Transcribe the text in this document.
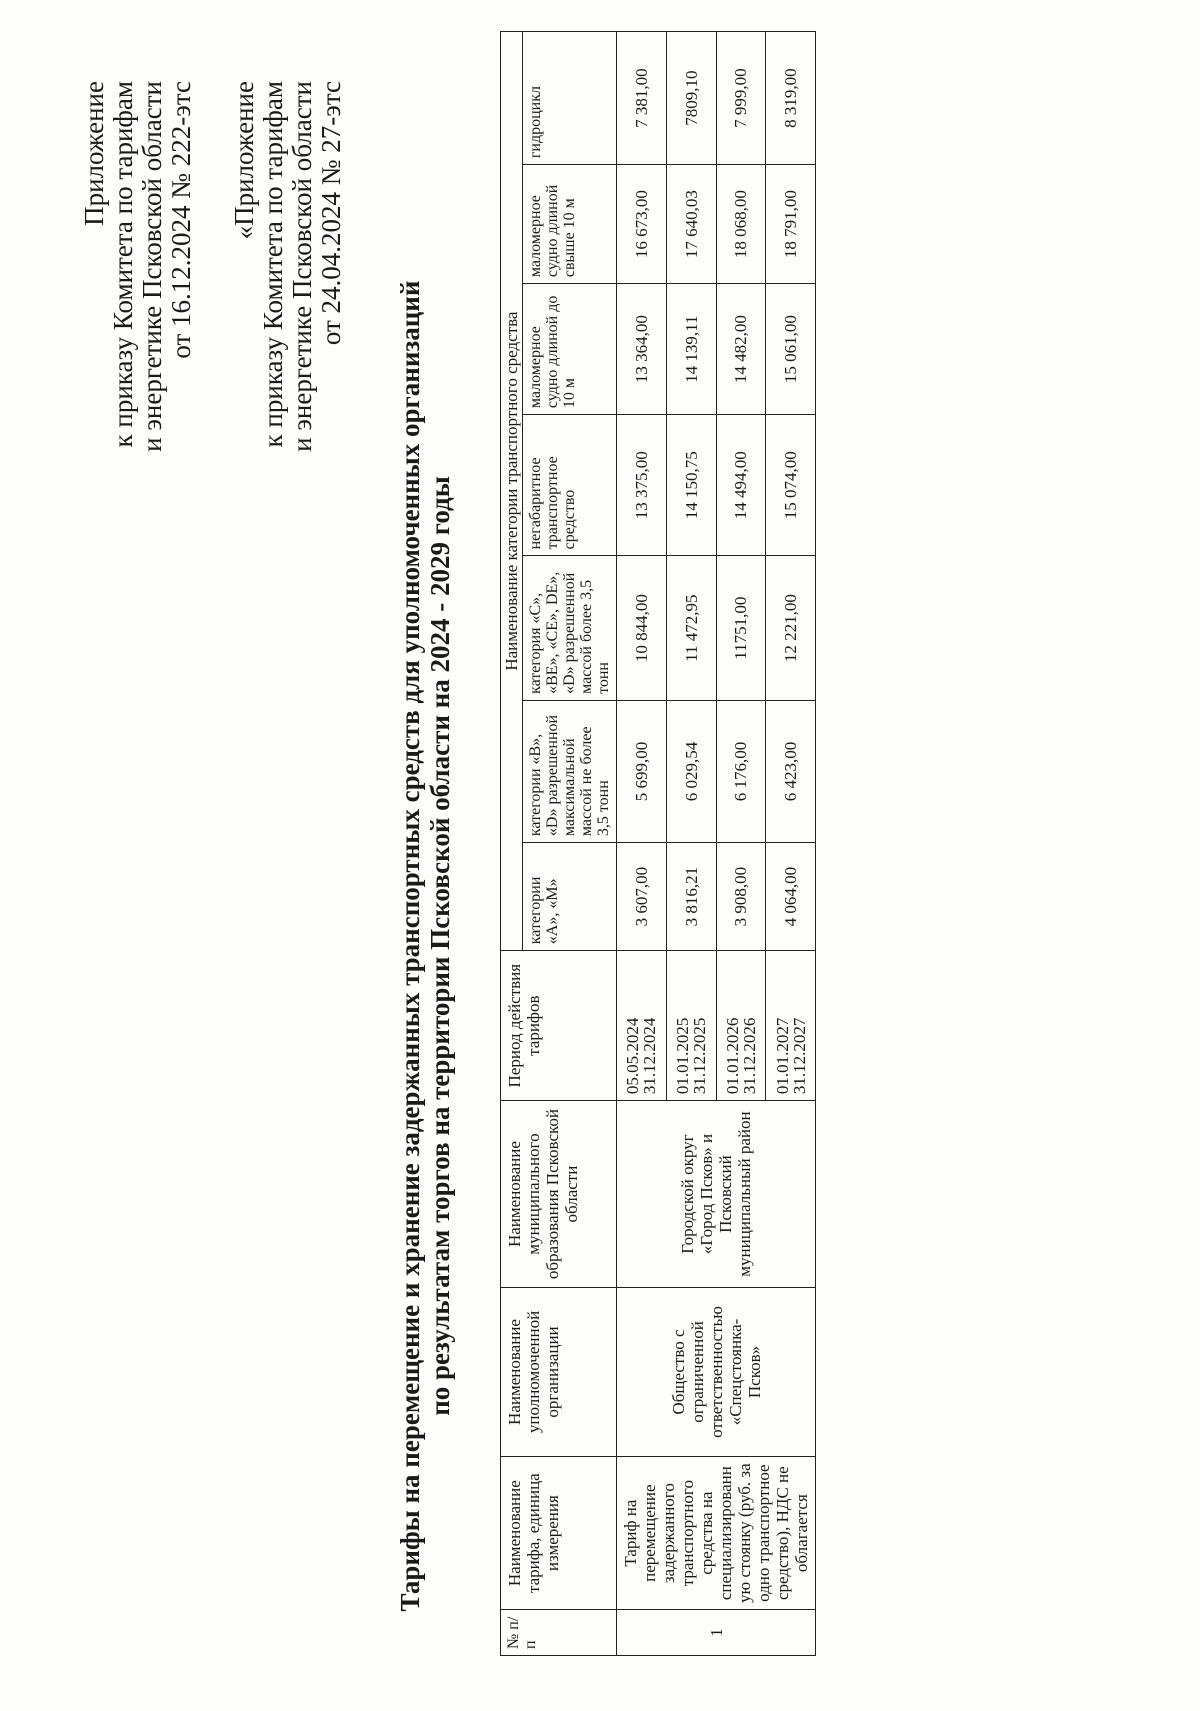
Приложение к приказу Комитета по тарифам и энергетике Псковской области от 16.12.2024 № 222-этс «Приложение к приказу Комитета по тарифам и энергетике Псковской области от 24.04.2024 № 27-этс
Тарифы на перемещение и хранение задержанных транспортных средств для уполномоченных организаций по результатам торгов на территории Псковской области на 2024 - 2029 годы
№ п/п	Наименование тарифа, единица измерения	Наименование уполномоченной организации	Наименование муниципального образования Псковской области	Период действия тарифов	Наименование категории транспортного средства						
					категории «А», «М»	категории «В», «D» разрешенной максимальной массой не более 3,5 тонн	категория «С», «ВЕ», «СЕ», DE», «D» разрешенной массой более 3,5 тонн	негабаритное транспортное средство	маломерное судно длиной до 10 м	маломерное судно длиной свыше 10 м	гидроцикл
1	Тариф на перемещение задержанного транспортного средства на специализированн ую стоянку (руб. за одно транспортное средство), НДС не облагается	Общество с ограниченной ответственностью «Спецстоянка-Псков»	Городской округ «Город Псков» и Псковский муниципальный район	05.05.2024 31.12.2024	3 607,00	5 699,00	10 844,00	13 375,00	13 364,00	16 673,00	7 381,00
				01.01.2025 31.12.2025	3 816,21	6 029,54	11 472,95	14 150,75	14 139,11	17 640,03	7809,10
				01.01.2026 31.12.2026	3 908,00	6 176,00	11751,00	14 494,00	14 482,00	18 068,00	7 999,00
				01.01.2027 31.12.2027	4 064,00	6 423,00	12 221,00	15 074,00	15 061,00	18 791,00	8 319,00
